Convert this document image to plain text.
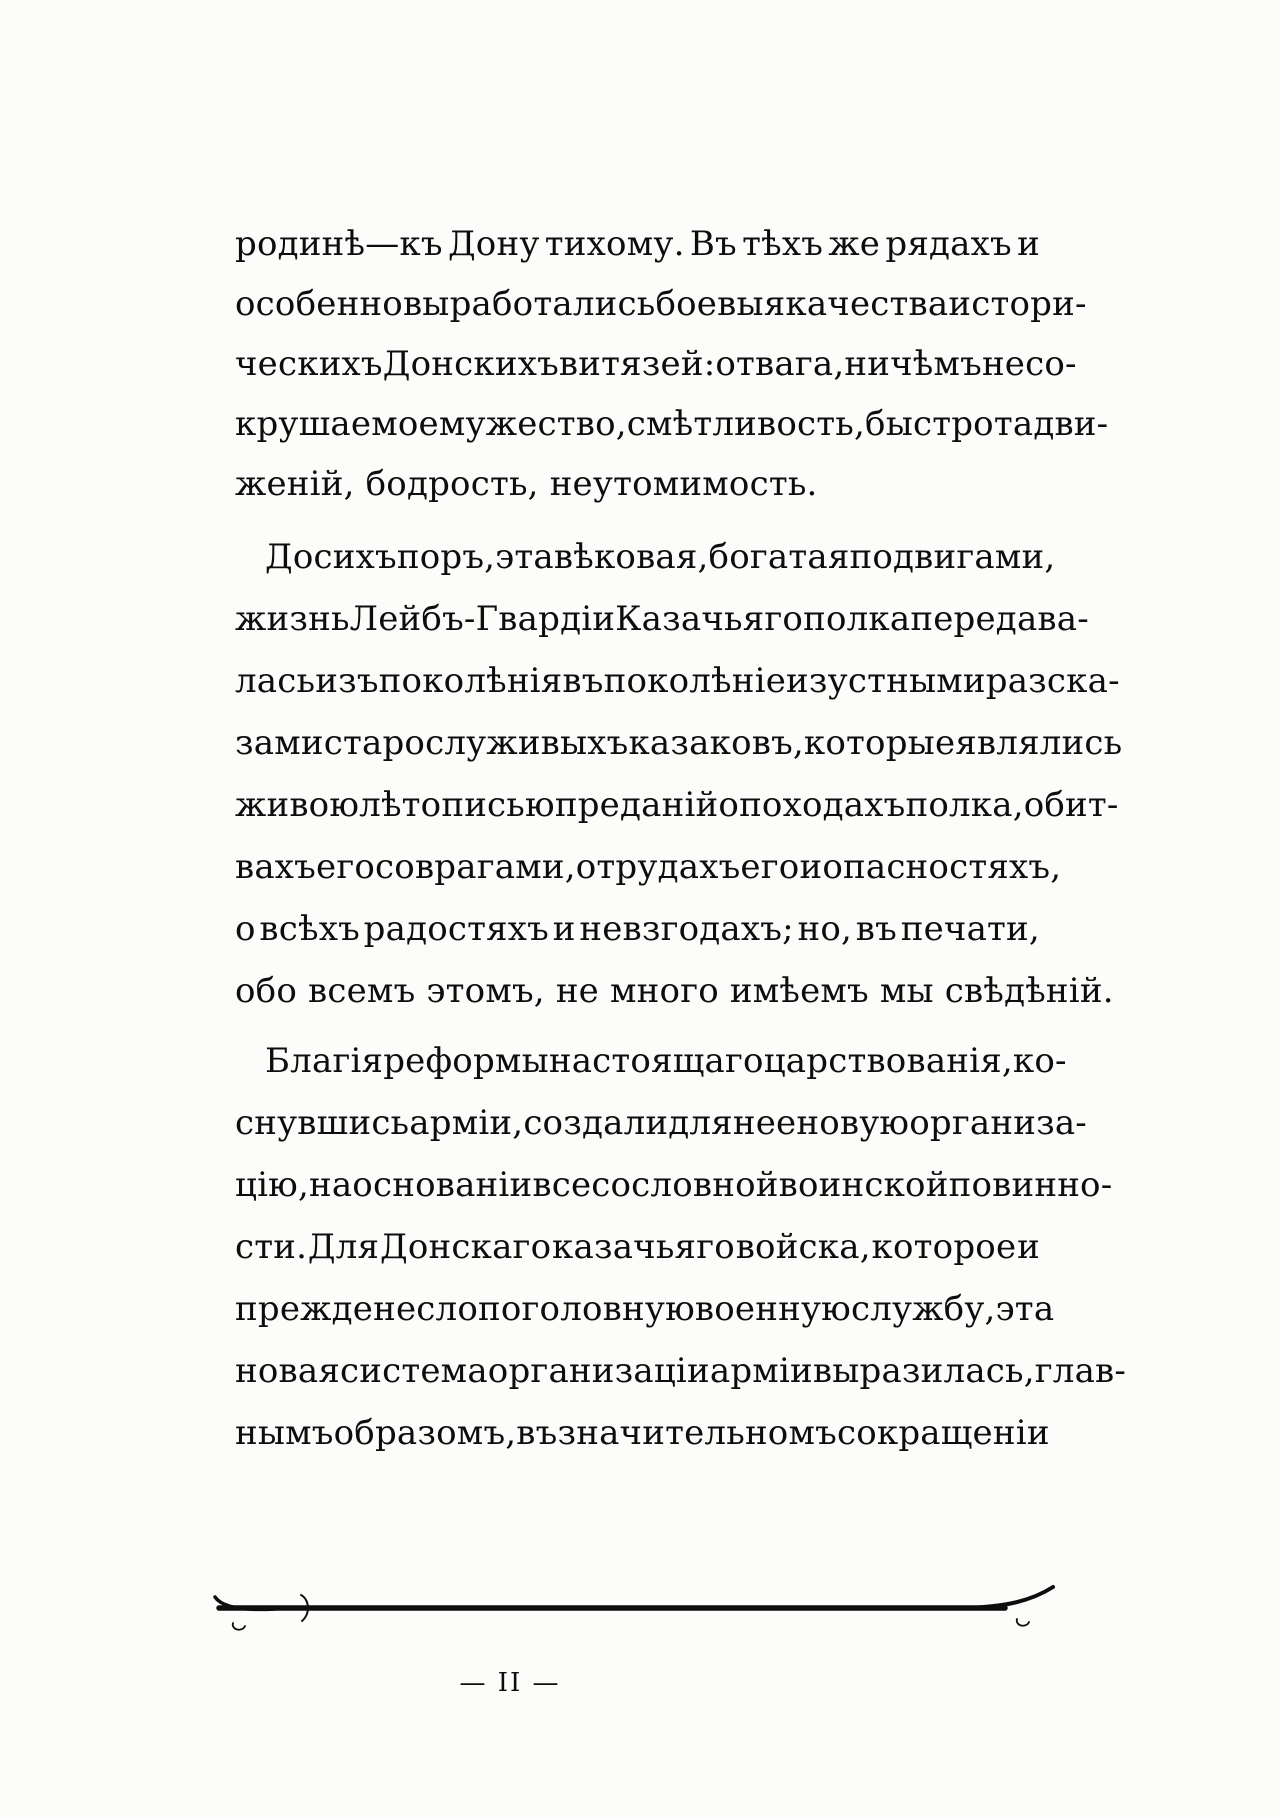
родинѣ—къ Дону тихому. Въ тѣхъ же рядахъ и
особенно выработались боевыя качества истори-
ческихъ Донскихъ витязей: отвага, ничѣмъ не со-
крушаемое мужество, смѣтливость, быстрота дви-
женій, бодрость, неутомимость.
До сихъ поръ, эта вѣковая, богатая подвигами,
жизнь Лейбъ-Гвардіи Казачьяго полка передава-
лась изъ поколѣнія въ поколѣніе изустными разска-
зами старослуживыхъ казаковъ, которые являлись
живою лѣтописью преданій о походахъ полка, о бит-
вахъ его со врагами, о трудахъ его и опасностяхъ,
о всѣхъ радостяхъ и невзгодахъ; но, въ печати,
обо всемъ этомъ, не много имѣемъ мы свѣдѣній.
Благія реформы настоящаго царствованія, ко-
снувшись арміи, создали для нее новую организа-
цію, на основаніи всесословной воинской повинно-
сти. Для Донскаго казачьяго войска, которое и
прежде несло поголовную военную службу, эта
новая система организаціи арміи выразилась, глав-
нымъ образомъ, въ значительномъ сокращеніи
— II —
